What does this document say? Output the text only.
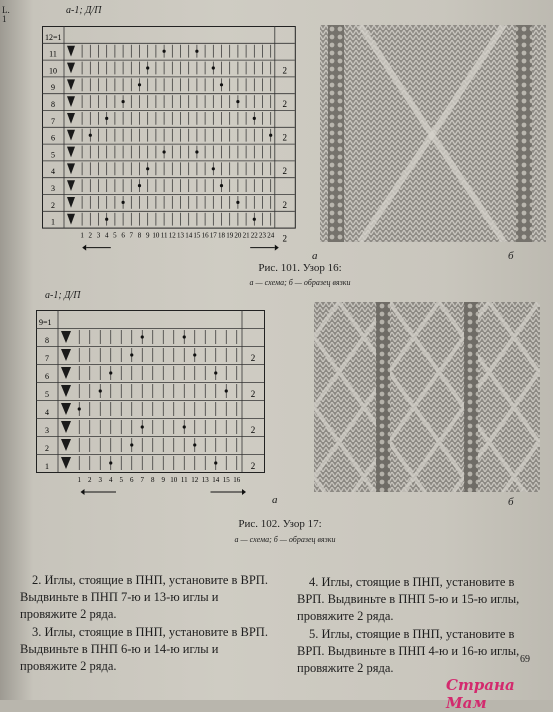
L.
1
a-1; Д/П
12=1
11
10
9
8
7
6
5
4
3
2
1
2
2
2
2
2
2
1 2 3 4 5 6 7 8 9 10 11 12 13 14 15 16 17 18 19 20 21 22 23 24
а	б
Рис. 101. Узор 16:
а — схема; б — образец вязки
a-1; Д/П
9=1
8
7
6
5
4
3
2
1
2
2
2
2
1 2 3 4 5 6 7 8 9 10 11 12 13 14 15 16
а	б
Рис. 102. Узор 17:
а — схема; б — образец вязки
2. Иглы, стоящие в ПНП, установите в ВРП. Выдвиньте в ПНП 7-ю и 13-ю иглы и провяжите 2 ряда.
3. Иглы, стоящие в ПНП, установите в ВРП. Выдвиньте в ПНП 6-ю и 14-ю иглы и провяжите 2 ряда.
4. Иглы, стоящие в ПНП, установите в ВРП. Выдвиньте в ПНП 5-ю и 15-ю иглы, провяжите 2 ряда.
5. Иглы, стоящие в ПНП, установите в ВРП. Выдвиньте в ПНП 4-ю и 16-ю иглы, провяжите 2 ряда.
69
Страна Мам
